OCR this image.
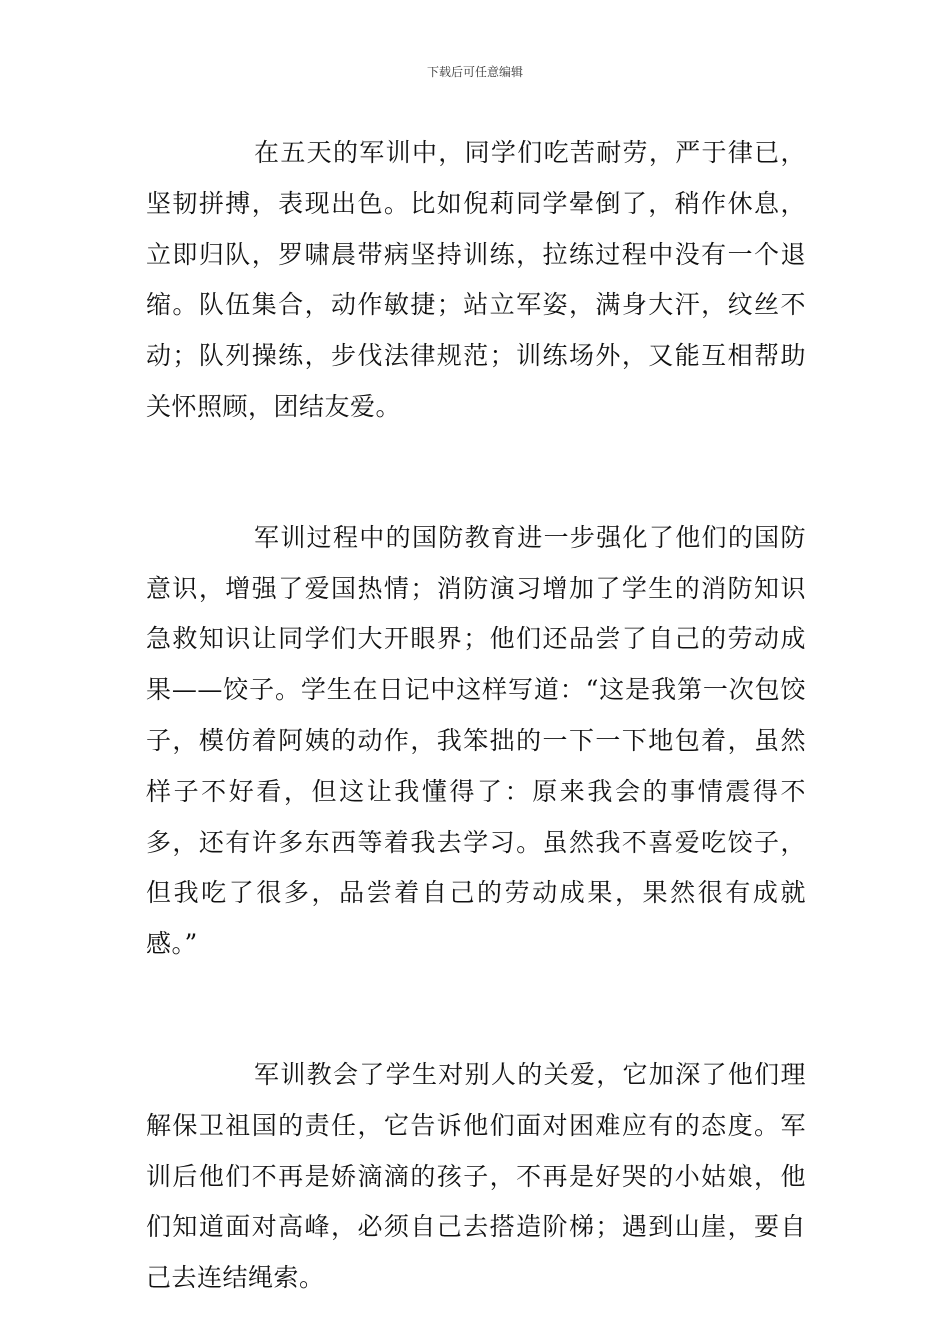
下载后可任意编辑

在五天的军训中，同学们吃苦耐劳，严于律已，坚韧拼搏，表现出色。比如倪莉同学晕倒了，稍作休息，立即归队，罗啸晨带病坚持训练，拉练过程中没有一个退缩。队伍集合，动作敏捷；站立军姿，满身大汗，纹丝不动；队列操练，步伐法律规范；训练场外，又能互相帮助关怀照顾，团结友爱。

军训过程中的国防教育进一步强化了他们的国防意识，增强了爱国热情；消防演习增加了学生的消防知识急救知识让同学们大开眼界；他们还品尝了自己的劳动成果——饺子。学生在日记中这样写道：“这是我第一次包饺子，模仿着阿姨的动作，我笨拙的一下一下地包着，虽然样子不好看，但这让我懂得了：原来我会的事情震得不多，还有许多东西等着我去学习。虽然我不喜爱吃饺子，但我吃了很多，品尝着自己的劳动成果，果然很有成就感。”

军训教会了学生对别人的关爱，它加深了他们理解保卫祖国的责任，它告诉他们面对困难应有的态度。军训后他们不再是娇滴滴的孩子，不再是好哭的小姑娘，他们知道面对高峰，必须自己去搭造阶梯；遇到山崖，要自己去连结绳索。
